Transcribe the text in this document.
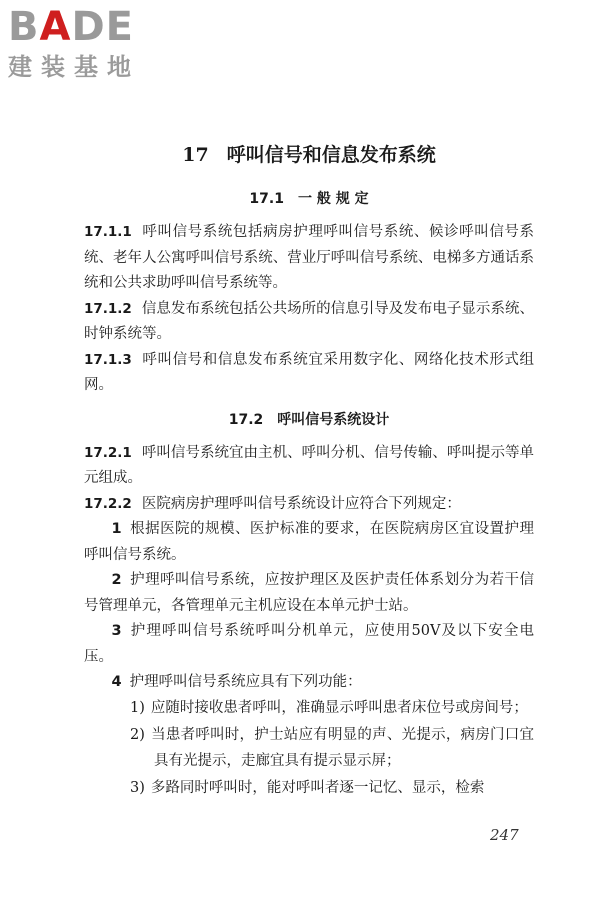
BADE
建装基地
17 呼叫信号和信息发布系统
17.1 一 般 规 定

17.1.1 呼叫信号系统包括病房护理呼叫信号系统、候诊呼叫信号系统、老年人公寓呼叫信号系统、营业厅呼叫信号系统、电梯多方通话系统和公共求助呼叫信号系统等。

17.1.2 信息发布系统包括公共场所的信息引导及发布电子显示系统、时钟系统等。

17.1.3 呼叫信号和信息发布系统宜采用数字化、网络化技术形式组网。

17.2 呼叫信号系统设计

17.2.1 呼叫信号系统宜由主机、呼叫分机、信号传输、呼叫提示等单元组成。

17.2.2 医院病房护理呼叫信号系统设计应符合下列规定：

1 根据医院的规模、医护标准的要求，在医院病房区宜设置护理呼叫信号系统。

2 护理呼叫信号系统，应按护理区及医护责任体系划分为若干信号管理单元，各管理单元主机应设在本单元护士站。

3 护理呼叫信号系统呼叫分机单元，应使用50V及以下安全电压。

4 护理呼叫信号系统应具有下列功能：

1) 应随时接收患者呼叫，准确显示呼叫患者床位号或房间号；

2) 当患者呼叫时，护士站应有明显的声、光提示，病房门口宜具有光提示，走廊宜具有提示显示屏；

3) 多路同时呼叫时，能对呼叫者逐一记忆、显示，检索

247
